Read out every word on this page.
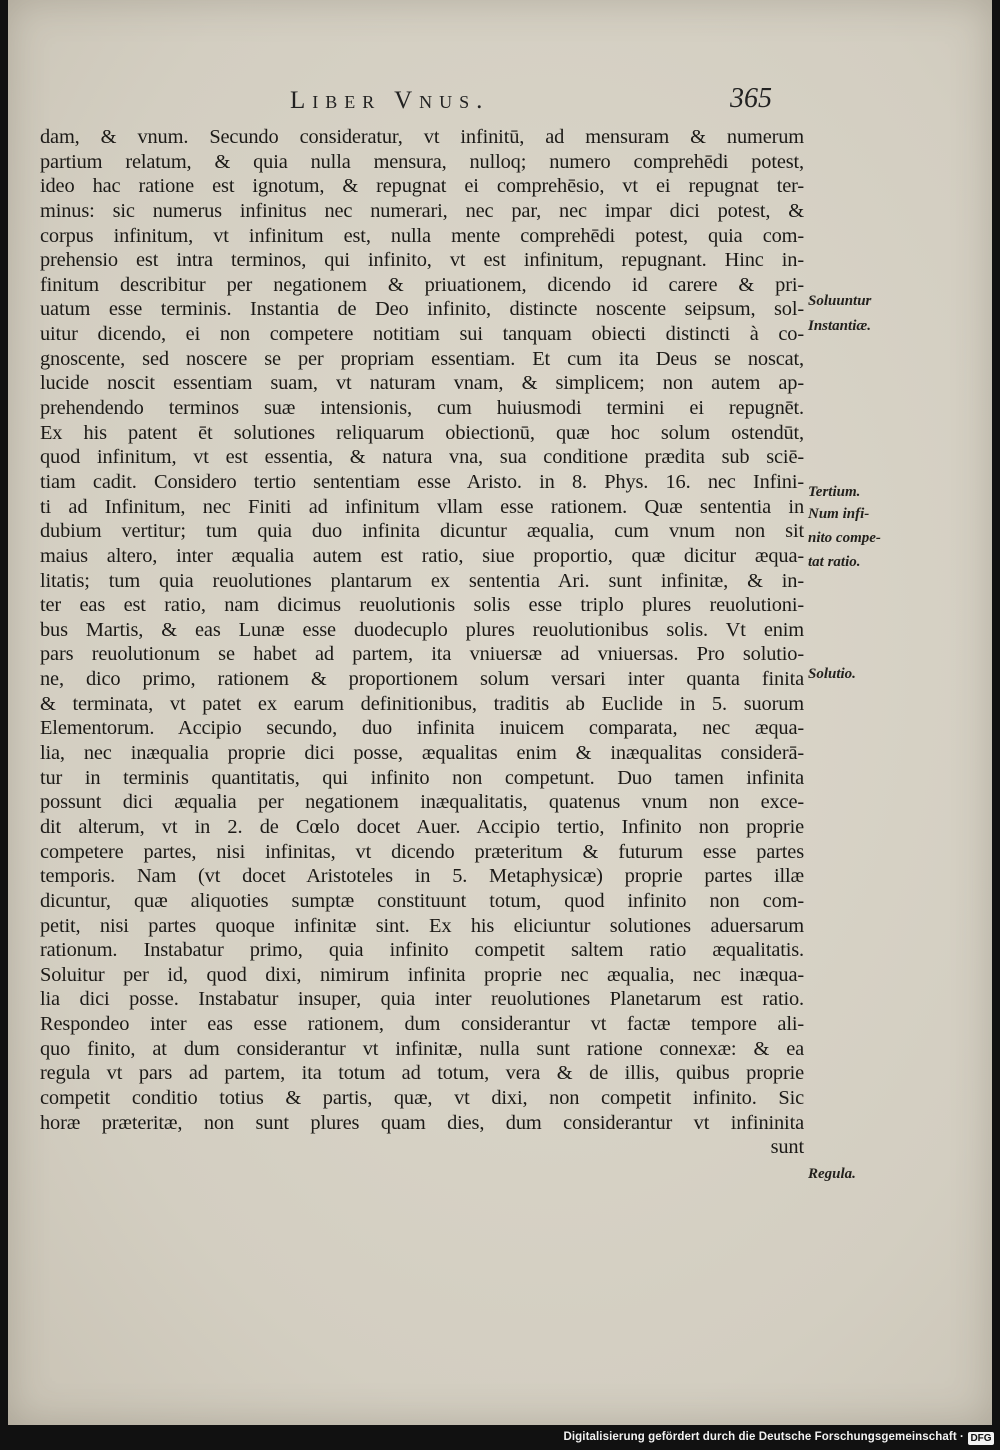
Liber Vnus.	365
dam, & vnum. Secundo consideratur, vt infinitū, ad mensuram & numerum
partium relatum, & quia nulla mensura, nulloq; numero comprehēdi potest,
ideo hac ratione est ignotum, & repugnat ei comprehēsio, vt ei repugnat ter-
minus: sic numerus infinitus nec numerari, nec par, nec impar dici potest, &
corpus infinitum, vt infinitum est, nulla mente comprehēdi potest, quia com-
prehensio est intra terminos, qui infinito, vt est infinitum, repugnant. Hinc in-
finitum describitur per negationem & priuationem, dicendo id carere & pri-
uatum esse terminis. Instantia de Deo infinito, distincte noscente seipsum, sol-
uitur dicendo, ei non competere notitiam sui tanquam obiecti distincti à co-
gnoscente, sed noscere se per propriam essentiam. Et cum ita Deus se noscat,
lucide noscit essentiam suam, vt naturam vnam, & simplicem; non autem ap-
prehendendo terminos suæ intensionis, cum huiusmodi termini ei repugnēt.
Ex his patent ēt solutiones reliquarum obiectionū, quæ hoc solum ostendūt,
quod infinitum, vt est essentia, & natura vna, sua conditione prædita sub sciē-
tiam cadit. Considero tertio sententiam esse Aristo. in 8. Phys. 16. nec Infini-
ti ad Infinitum, nec Finiti ad infinitum vllam esse rationem. Quæ sententia in
dubium vertitur; tum quia duo infinita dicuntur æqualia, cum vnum non sit
maius altero, inter æqualia autem est ratio, siue proportio, quæ dicitur æqua-
litatis; tum quia reuolutiones plantarum ex sententia Ari. sunt infinitæ, & in-
ter eas est ratio, nam dicimus reuolutionis solis esse triplo plures reuolutioni-
bus Martis, & eas Lunæ esse duodecuplo plures reuolutionibus solis. Vt enim
pars reuolutionum se habet ad partem, ita vniuersæ ad vniuersas. Pro solutio-
ne, dico primo, rationem & proportionem solum versari inter quanta finita
& terminata, vt patet ex earum definitionibus, traditis ab Euclide in 5. suorum
Elementorum. Accipio secundo, duo infinita inuicem comparata, nec æqua-
lia, nec inæqualia proprie dici posse, æqualitas enim & inæqualitas considerā-
tur in terminis quantitatis, qui infinito non competunt. Duo tamen infinita
possunt dici æqualia per negationem inæqualitatis, quatenus vnum non exce-
dit alterum, vt in 2. de Cœlo docet Auer. Accipio tertio, Infinito non proprie
competere partes, nisi infinitas, vt dicendo præteritum & futurum esse partes
temporis. Nam (vt docet Aristoteles in 5. Metaphysicæ) proprie partes illæ
dicuntur, quæ aliquoties sumptæ constituunt totum, quod infinito non com-
petit, nisi partes quoque infinitæ sint. Ex his eliciuntur solutiones aduersarum
rationum. Instabatur primo, quia infinito competit saltem ratio æqualitatis.
Soluitur per id, quod dixi, nimirum infinita proprie nec æqualia, nec inæqua-
lia dici posse. Instabatur insuper, quia inter reuolutiones Planetarum est ratio.
Respondeo inter eas esse rationem, dum considerantur vt factæ tempore ali-
quo finito, at dum considerantur vt infinitæ, nulla sunt ratione connexæ: & ea
regula vt pars ad partem, ita totum ad totum, vera & de illis, quibus proprie
competit conditio totius & partis, quæ, vt dixi, non competit infinito. Sic
horæ præteritæ, non sunt plures quam dies, dum considerantur vt infininita
sunt
Soluuntur
Instantiæ.
Tertium.
Num infi-
nito compe-
tat ratio.
Solutio.
Regula.
Digitalisierung gefördert durch die Deutsche Forschungsgemeinschaft · DFG
